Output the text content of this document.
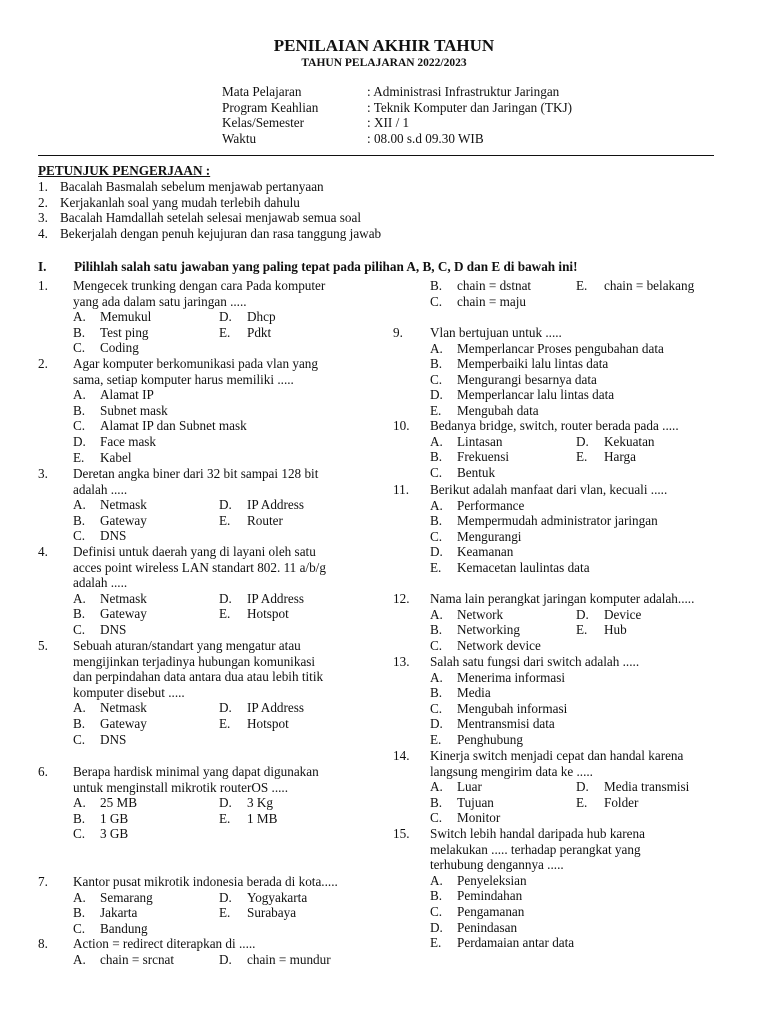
PENILAIAN AKHIR TAHUN
TAHUN PELAJARAN 2022/2023
Mata Pelajaran	: Administrasi Infrastruktur Jaringan
Program Keahlian	: Teknik Komputer dan Jaringan (TKJ)
Kelas/Semester	: XII / 1
Waktu	: 08.00 s.d 09.30 WIB
PETUNJUK PENGERJAAN :
1. Bacalah Basmalah sebelum menjawab pertanyaan
2. Kerjakanlah soal yang mudah terlebih dahulu
3. Bacalah Hamdallah setelah selesai menjawab semua soal
4. Bekerjalah dengan penuh kejujuran dan rasa tanggung jawab
I. Pilihlah salah satu jawaban yang paling tepat pada pilihan A, B, C, D dan E di bawah ini!
1. Mengecek trunking dengan cara Pada komputer
yang ada dalam satu jaringan .....
A. Memukul	D. Dhcp
B. Test ping	E. Pdkt
C. Coding
2. Agar komputer berkomunikasi pada vlan yang
sama, setiap komputer harus memiliki .....
A. Alamat IP
B. Subnet mask
C. Alamat IP dan Subnet mask
D. Face mask
E. Kabel
3. Deretan angka biner dari 32 bit sampai 128 bit
adalah .....
A. Netmask	D. IP Address
B. Gateway	E. Router
C. DNS
4. Definisi untuk daerah yang di layani oleh satu
acces point wireless LAN standart 802. 11 a/b/g
adalah .....
A. Netmask	D. IP Address
B. Gateway	E. Hotspot
C. DNS
5. Sebuah aturan/standart yang mengatur atau
mengijinkan terjadinya hubungan komunikasi
dan perpindahan data antara dua atau lebih titik
komputer disebut .....
A. Netmask	D. IP Address
B. Gateway	E. Hotspot
C. DNS
6. Berapa hardisk minimal yang dapat digunakan
untuk menginstall mikrotik routerOS .....
A. 25 MB	D. 3 Kg
B. 1 GB	E. 1 MB
C. 3 GB
7. Kantor pusat mikrotik indonesia berada di kota.....
A. Semarang	D. Yogyakarta
B. Jakarta	E. Surabaya
C. Bandung
8. Action = redirect diterapkan di .....
A. chain = srcnat	D. chain = mundur
B. chain = dstnat	E. chain = belakang
C. chain = maju
9. Vlan bertujuan untuk .....
A. Memperlancar Proses pengubahan data
B. Memperbaiki lalu lintas data
C. Mengurangi besarnya data
D. Memperlancar lalu lintas data
E. Mengubah data
10. Bedanya bridge, switch, router berada pada .....
A. Lintasan	D. Kekuatan
B. Frekuensi	E. Harga
C. Bentuk
11. Berikut adalah manfaat dari vlan, kecuali .....
A. Performance
B. Mempermudah administrator jaringan
C. Mengurangi
D. Keamanan
E. Kemacetan laulintas data
12. Nama lain perangkat jaringan komputer adalah.....
A. Network	D. Device
B. Networking	E. Hub
C. Network device
13. Salah satu fungsi dari switch adalah .....
A. Menerima informasi
B. Media
C. Mengubah informasi
D. Mentransmisi data
E. Penghubung
14. Kinerja switch menjadi cepat dan handal karena
langsung mengirim data ke .....
A. Luar	D. Media transmisi
B. Tujuan	E. Folder
C. Monitor
15. Switch lebih handal daripada hub karena
melakukan ..... terhadap perangkat yang
terhubung dengannya .....
A. Penyeleksian
B. Pemindahan
C. Pengamanan
D. Penindasan
E. Perdamaian antar data
